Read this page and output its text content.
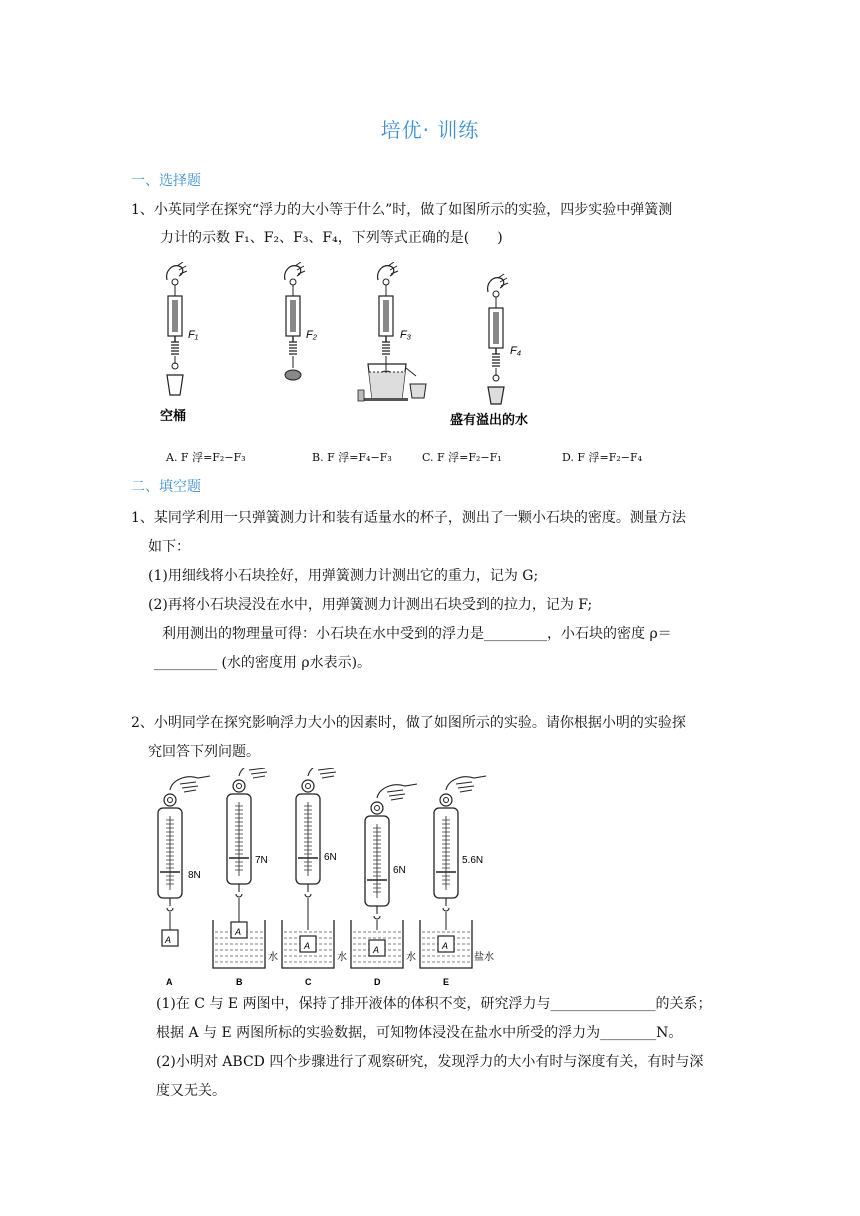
培优· 训练
一、选择题
1、小英同学在探究“浮力的大小等于什么”时，做了如图所示的实验，四步实验中弹簧测
力计的示数 F₁、F₂、F₃、F₄，下列等式正确的是(　　)
F₁	F₂	F₃
F₄
空桶	盛有溢出的水
A. F 浮=F₂−F₃	B. F 浮=F₄−F₃	C. F 浮=F₂−F₁	D. F 浮=F₂−F₄
二、填空题
1、某同学利用一只弹簧测力计和装有适量水的杯子，测出了一颗小石块的密度。测量方法
如下：
(1)用细线将小石块拴好，用弹簧测力计测出它的重力，记为 G;
(2)再将小石块浸没在水中，用弹簧测力计测出石块受到的拉力，记为 F;
利用测出的物理量可得：小石块在水中受到的浮力是_________，小石块的密度 ρ＝
_________ (水的密度用 ρ水表示)。
2、小明同学在探究影响浮力大小的因素时，做了如图所示的实验。请你根据小明的实验探
究回答下列问题。
A
8N
A
A
7N
水
B
A
6N
水
C
A
6N
水
D
A
5.6N
盐水
E
(1)在 C 与 E 两图中，保持了排开液体的体积不变，研究浮力与_______________的关系；
根据 A 与 E 两图所标的实验数据，可知物体浸没在盐水中所受的浮力为________N。
(2)小明对 ABCD 四个步骤进行了观察研究，发现浮力的大小有时与深度有关，有时与深
度又无关。
